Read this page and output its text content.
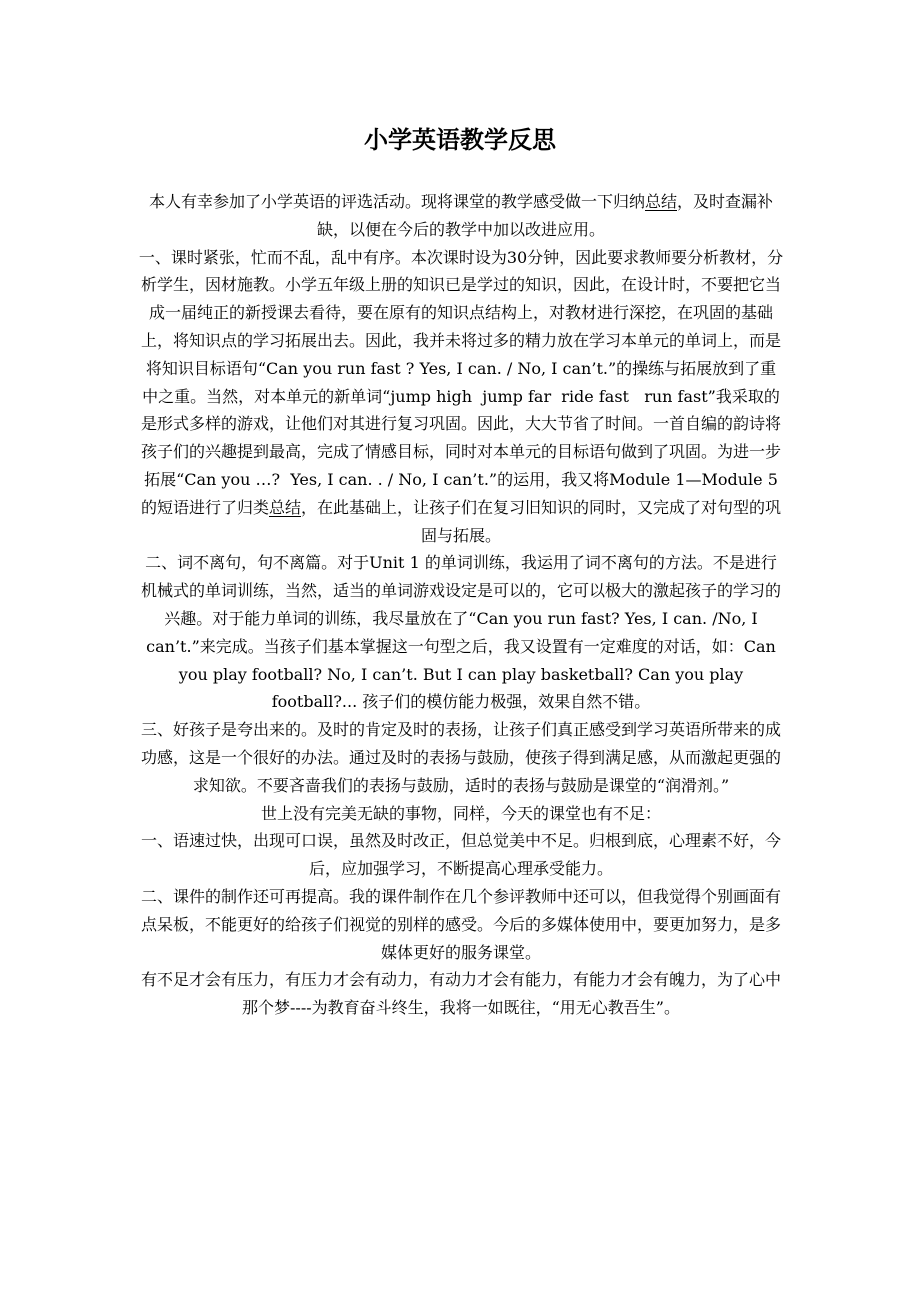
小学英语教学反思

本人有幸参加了小学英语的评选活动。现将课堂的教学感受做一下归纳总结，及时查漏补缺，以便在今后的教学中加以改进应用。

一、课时紧张，忙而不乱，乱中有序。本次课时设为30分钟，因此要求教师要分析教材，分析学生，因材施教。小学五年级上册的知识已是学过的知识，因此，在设计时，不要把它当成一届纯正的新授课去看待，要在原有的知识点结构上，对教材进行深挖，在巩固的基础上，将知识点的学习拓展出去。因此，我并未将过多的精力放在学习本单元的单词上，而是将知识目标语句“Can you run fast ? Yes, I can. / No, I can’t.”的操练与拓展放到了重中之重。当然，对本单元的新单词“jump high  jump far  ride fast   run fast”我采取的是形式多样的游戏，让他们对其进行复习巩固。因此，大大节省了时间。一首自编的韵诗将孩子们的兴趣提到最高，完成了情感目标，同时对本单元的目标语句做到了巩固。为进一步拓展“Can you …?  Yes, I can. . / No, I can’t.”的运用，我又将Module 1—Module 5的短语进行了归类总结，在此基础上，让孩子们在复习旧知识的同时，又完成了对句型的巩固与拓展。

二、词不离句，句不离篇。对于Unit 1 的单词训练，我运用了词不离句的方法。不是进行机械式的单词训练，当然，适当的单词游戏设定是可以的，它可以极大的激起孩子的学习的兴趣。对于能力单词的训练，我尽量放在了“Can you run fast? Yes, I can. /No, I can’t.”来完成。当孩子们基本掌握这一句型之后，我又设置有一定难度的对话，如：Can you play football? No, I can’t. But I can play basketball? Can you play football?... 孩子们的模仿能力极强，效果自然不错。

三、好孩子是夸出来的。及时的肯定及时的表扬，让孩子们真正感受到学习英语所带来的成功感，这是一个很好的办法。通过及时的表扬与鼓励，使孩子得到满足感，从而激起更强的求知欲。不要吝啬我们的表扬与鼓励，适时的表扬与鼓励是课堂的“润滑剂。”

世上没有完美无缺的事物，同样，今天的课堂也有不足：

一、语速过快，出现可口误，虽然及时改正，但总觉美中不足。归根到底，心理素不好，今后，应加强学习，不断提高心理承受能力。

二、课件的制作还可再提高。我的课件制作在几个参评教师中还可以，但我觉得个别画面有点呆板，不能更好的给孩子们视觉的别样的感受。今后的多媒体使用中，要更加努力，是多媒体更好的服务课堂。

有不足才会有压力，有压力才会有动力，有动力才会有能力，有能力才会有魄力，为了心中那个梦----为教育奋斗终生，我将一如既往，“用无心教吾生”。
